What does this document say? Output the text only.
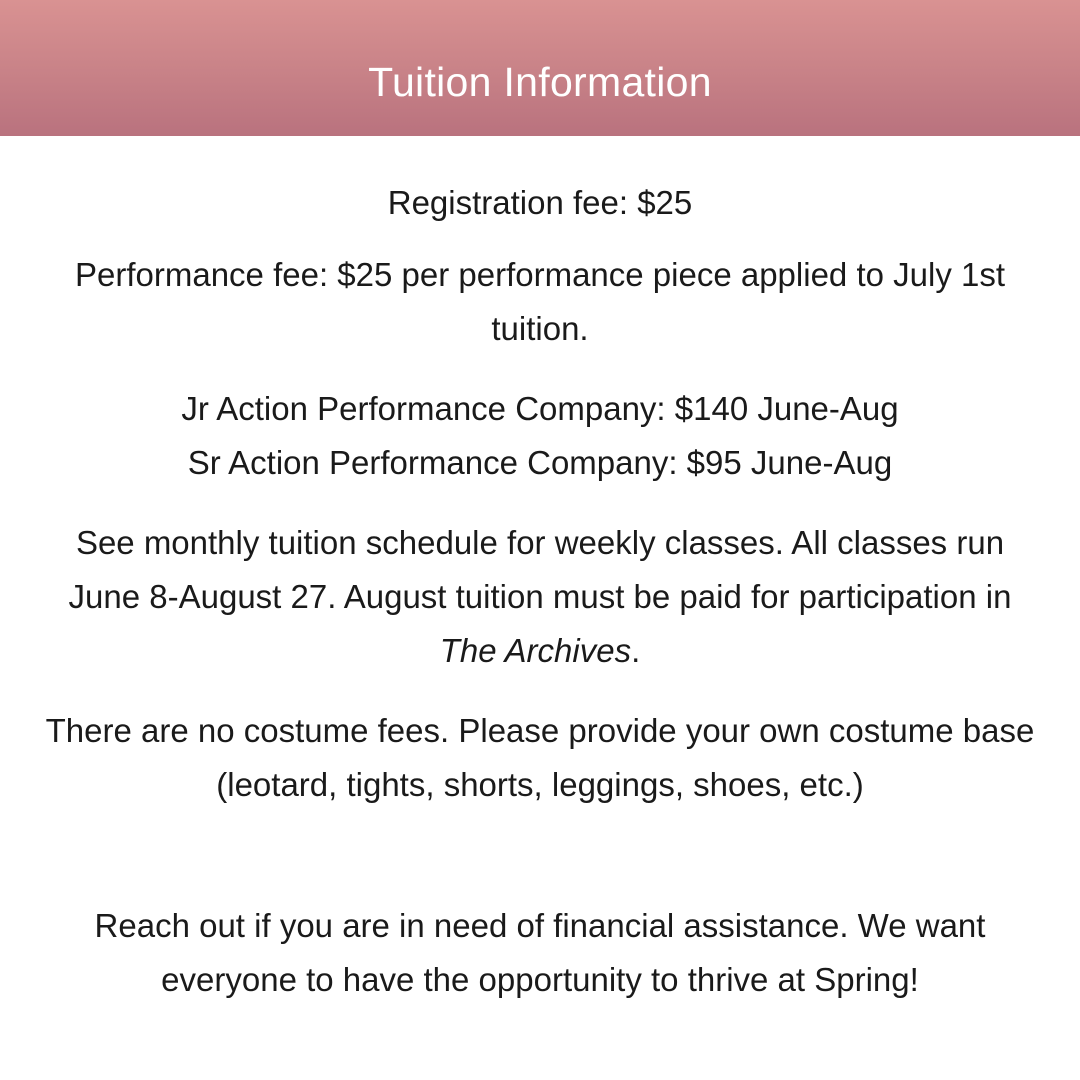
Tuition Information

Registration fee: $25

Performance fee: $25 per performance piece applied to July 1st tuition.

Jr Action Performance Company: $140 June-Aug
Sr Action Performance Company: $95 June-Aug

See monthly tuition schedule for weekly classes. All classes run June 8-August 27. August tuition must be paid for participation in The Archives.

There are no costume fees. Please provide your own costume base (leotard, tights, shorts, leggings, shoes, etc.)

Reach out if you are in need of financial assistance. We want everyone to have the opportunity to thrive at Spring!
